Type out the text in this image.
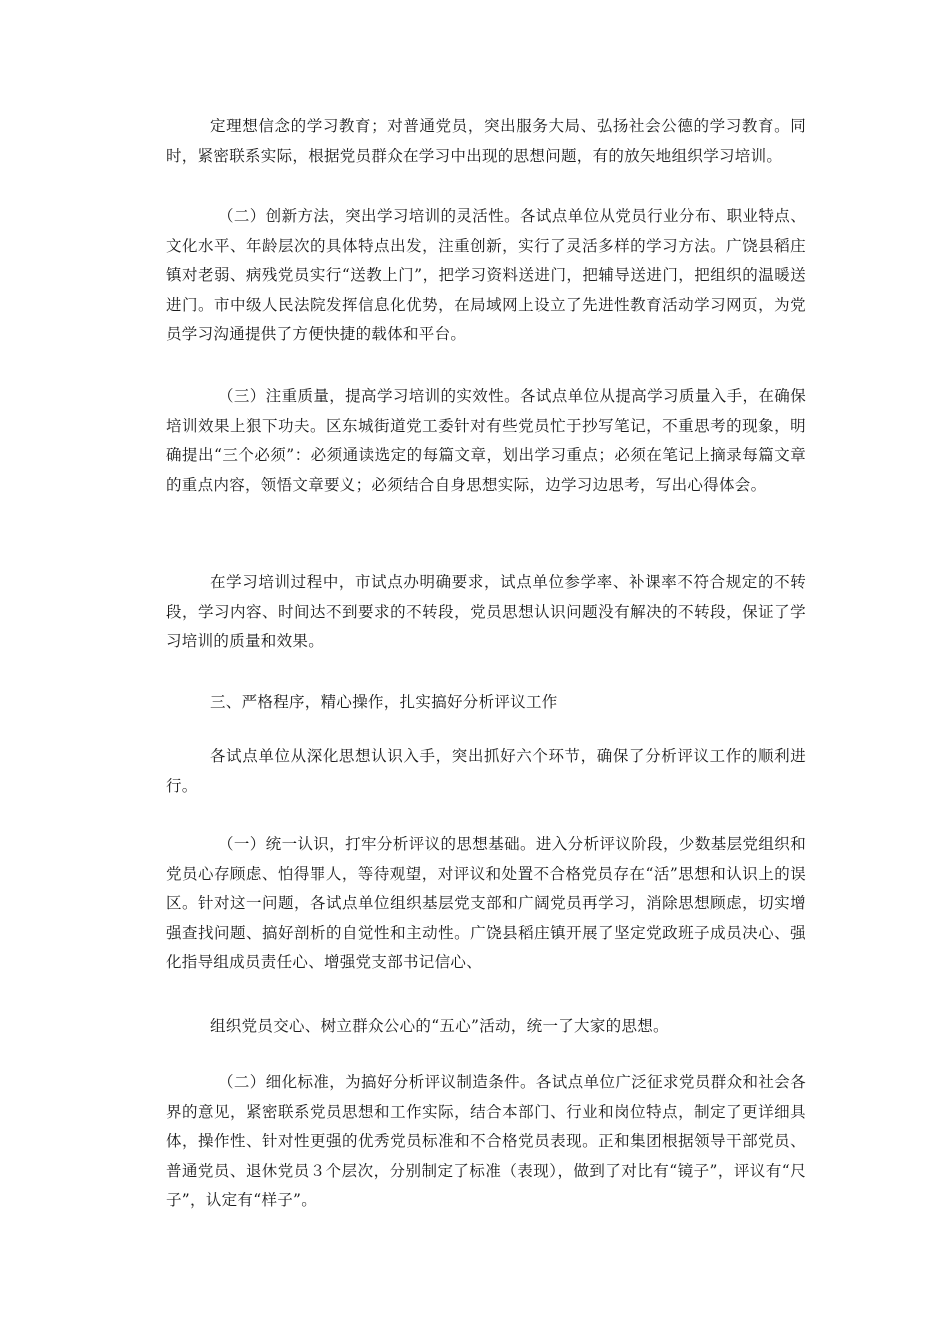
定理想信念的学习教育；对普通党员，突出服务大局、弘扬社会公德的学习教育。同时，紧密联系实际，根据党员群众在学习中出现的思想问题，有的放矢地组织学习培训。

（二）创新方法，突出学习培训的灵活性。各试点单位从党员行业分布、职业特点、文化水平、年龄层次的具体特点出发，注重创新，实行了灵活多样的学习方法。广饶县稻庄镇对老弱、病残党员实行“送教上门”，把学习资料送进门，把辅导送进门，把组织的温暖送进门。市中级人民法院发挥信息化优势，在局域网上设立了先进性教育活动学习网页，为党员学习沟通提供了方便快捷的载体和平台。

（三）注重质量，提高学习培训的实效性。各试点单位从提高学习质量入手，在确保培训效果上狠下功夫。区东城街道党工委针对有些党员忙于抄写笔记，不重思考的现象，明确提出“三个必须”：必须通读选定的每篇文章，划出学习重点；必须在笔记上摘录每篇文章的重点内容，领悟文章要义；必须结合自身思想实际，边学习边思考，写出心得体会。

在学习培训过程中，市试点办明确要求，试点单位参学率、补课率不符合规定的不转段，学习内容、时间达不到要求的不转段，党员思想认识问题没有解决的不转段，保证了学习培训的质量和效果。

三、严格程序，精心操作，扎实搞好分析评议工作

各试点单位从深化思想认识入手，突出抓好六个环节，确保了分析评议工作的顺利进行。

（一）统一认识，打牢分析评议的思想基础。进入分析评议阶段，少数基层党组织和党员心存顾虑、怕得罪人，等待观望，对评议和处置不合格党员存在“活”思想和认识上的误区。针对这一问题，各试点单位组织基层党支部和广阔党员再学习，消除思想顾虑，切实增强查找问题、搞好剖析的自觉性和主动性。广饶县稻庄镇开展了坚定党政班子成员决心、强化指导组成员责任心、增强党支部书记信心、

组织党员交心、树立群众公心的“五心”活动，统一了大家的思想。

（二）细化标准，为搞好分析评议制造条件。各试点单位广泛征求党员群众和社会各界的意见，紧密联系党员思想和工作实际，结合本部门、行业和岗位特点，制定了更详细具体，操作性、针对性更强的优秀党员标准和不合格党员表现。正和集团根据领导干部党员、普通党员、退休党员３个层次，分别制定了标准（表现），做到了对比有“镜子”，评议有“尺子”，认定有“样子”。
